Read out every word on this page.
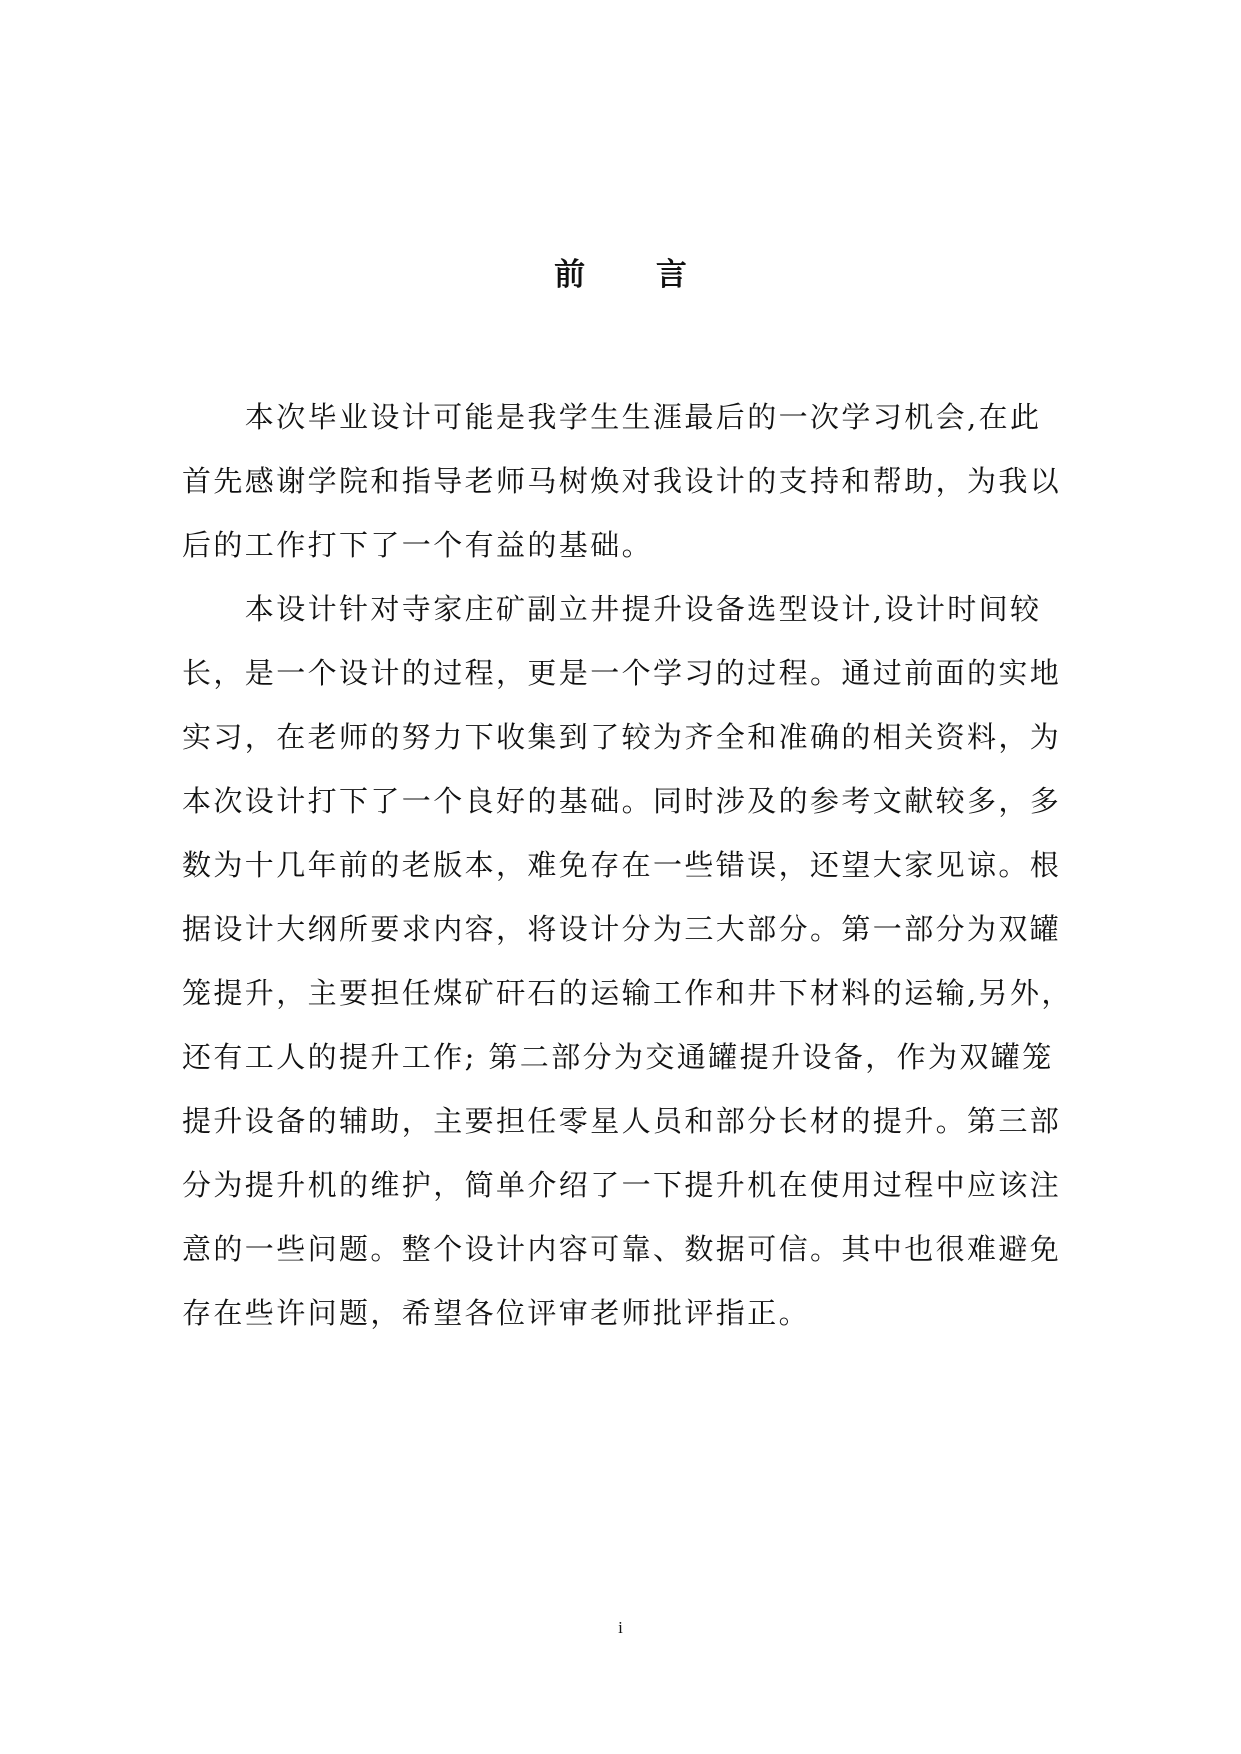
前 言
　　本次毕业设计可能是我学生生涯最后的一次学习机会,在此
首先感谢学院和指导老师马树焕对我设计的支持和帮助，为我以
后的工作打下了一个有益的基础。
　　本设计针对寺家庄矿副立井提升设备选型设计,设计时间较
长，是一个设计的过程，更是一个学习的过程。通过前面的实地
实习，在老师的努力下收集到了较为齐全和准确的相关资料，为
本次设计打下了一个良好的基础。同时涉及的参考文献较多，多
数为十几年前的老版本，难免存在一些错误，还望大家见谅。根
据设计大纲所要求内容，将设计分为三大部分。第一部分为双罐
笼提升，主要担任煤矿矸石的运输工作和井下材料的运输,另外，
还有工人的提升工作; 第二部分为交通罐提升设备，作为双罐笼
提升设备的辅助，主要担任零星人员和部分长材的提升。第三部
分为提升机的维护，简单介绍了一下提升机在使用过程中应该注
意的一些问题。整个设计内容可靠、数据可信。其中也很难避免
存在些许问题，希望各位评审老师批评指正。
i
